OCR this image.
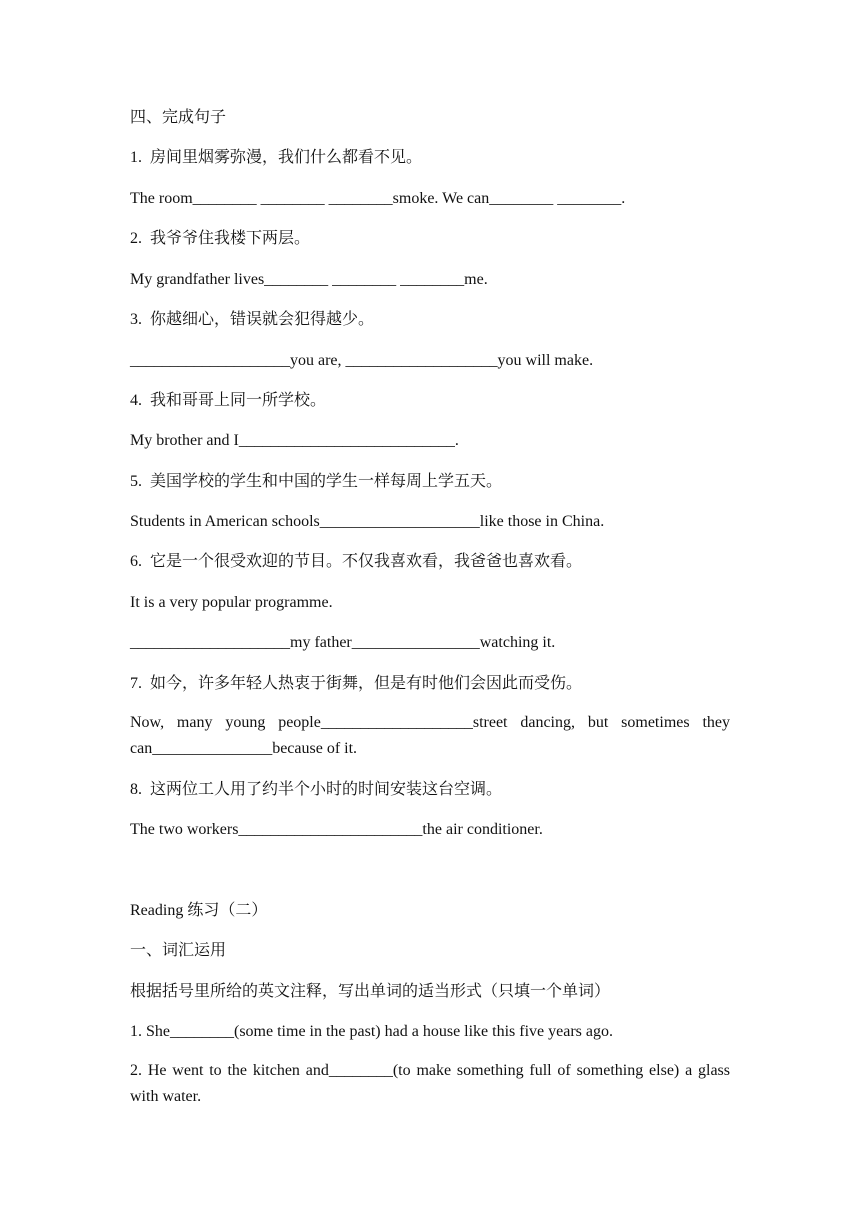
四、完成句子
1.  房间里烟雾弥漫，我们什么都看不见。
The room________ ________ ________smoke. We can________ ________.
2.  我爷爷住我楼下两层。
My grandfather lives________ ________ ________me.
3.  你越细心，错误就会犯得越少。
____________________you are, ___________________you will make.
4.  我和哥哥上同一所学校。
My brother and I___________________________.
5.  美国学校的学生和中国的学生一样每周上学五天。
Students in American schools____________________like those in China.
6.  它是一个很受欢迎的节目。不仅我喜欢看，我爸爸也喜欢看。
It is a very popular programme.
____________________my father________________watching it.
7.  如今，许多年轻人热衷于街舞，但是有时他们会因此而受伤。
Now, many young people___________________street dancing, but sometimes they can_______________because of it.
8.  这两位工人用了约半个小时的时间安装这台空调。
The two workers_______________________the air conditioner.
Reading 练习（二）
一、词汇运用
根据括号里所给的英文注释，写出单词的适当形式（只填一个单词）
1. She________(some time in the past) had a house like this five years ago.
2. He went to the kitchen and________(to make something full of something else) a glass with water.
